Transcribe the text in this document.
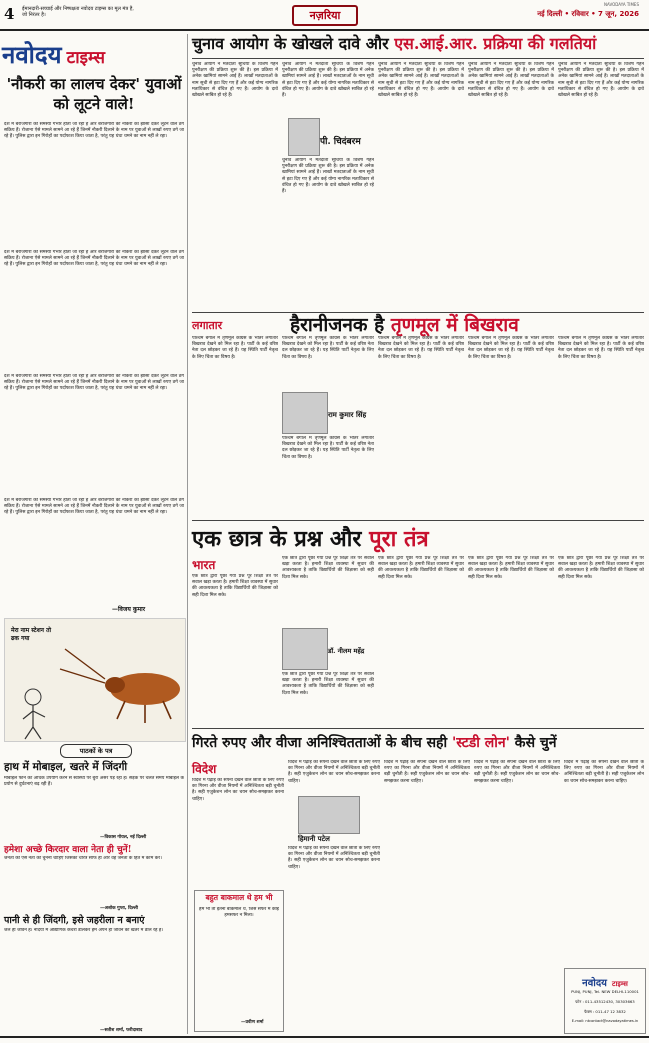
4 ईमानदारी-सच्चाई और निष्पक्षता नवोदय टाइम्स का मूल मंत्र है, जो निरंतर है।	नज़रिया
NAVODAYA TIMES
नई दिल्ली • रविवार • 7 जून, 2026
नवोदय टाइम्स
'नौकरी का लालच देकर' युवाओं को लूटने वाले!
देश में बेरोजगारी की समस्या गंभीर होती जा रही है और बेरोजगारों को नौकरी का झांसा देकर लूटने वाले ठग सक्रिय हैं। रोजाना ऐसे मामले सामने आ रहे हैं जिनमें नौकरी दिलाने के नाम पर युवाओं से लाखों रुपए ठगे जा रहे हैं। पुलिस द्वारा इन गिरोहों का पर्दाफाश किया जाता है, परंतु यह धंधा थमने का नाम नहीं ले रहा।
देश में बेरोजगारी की समस्या गंभीर होती जा रही है और बेरोजगारों को नौकरी का झांसा देकर लूटने वाले ठग सक्रिय हैं। रोजाना ऐसे मामले सामने आ रहे हैं जिनमें नौकरी दिलाने के नाम पर युवाओं से लाखों रुपए ठगे जा रहे हैं। पुलिस द्वारा इन गिरोहों का पर्दाफाश किया जाता है, परंतु यह धंधा थमने का नाम नहीं ले रहा।
देश में बेरोजगारी की समस्या गंभीर होती जा रही है और बेरोजगारों को नौकरी का झांसा देकर लूटने वाले ठग सक्रिय हैं। रोजाना ऐसे मामले सामने आ रहे हैं जिनमें नौकरी दिलाने के नाम पर युवाओं से लाखों रुपए ठगे जा रहे हैं। पुलिस द्वारा इन गिरोहों का पर्दाफाश किया जाता है, परंतु यह धंधा थमने का नाम नहीं ले रहा।
देश में बेरोजगारी की समस्या गंभीर होती जा रही है और बेरोजगारों को नौकरी का झांसा देकर लूटने वाले ठग सक्रिय हैं। रोजाना ऐसे मामले सामने आ रहे हैं जिनमें नौकरी दिलाने के नाम पर युवाओं से लाखों रुपए ठगे जा रहे हैं। पुलिस द्वारा इन गिरोहों का पर्दाफाश किया जाता है, परंतु यह धंधा थमने का नाम नहीं ले रहा।
—विजय कुमार
मेरा नाम स्टेशन तो ढक गया
पाठकों के पत्र
हाथ में मोबाइल, खतरे में जिंदगी
मोबाइल फोन का अधिक उपयोग करने से स्वास्थ्य पर बुरा असर पड़ रहा है। सड़क पर चलते समय मोबाइल के प्रयोग से दुर्घटनाएं बढ़ रही हैं।
—विकास गोयल, नई दिल्ली
हमेशा अच्छे किरदार वाला नेता ही चुनें!
जनता को ऐसे नेता को चुनना चाहिए जिसका चरित्र साफ हो और वह जनता के हित में काम करे।
—अशोक गुप्ता, दिल्ली
पानी से ही जिंदगी, इसे जहरीला न बनाएं
जल ही जीवन है। नदियों में औद्योगिक कचरा डालकर हम अपने ही जीवन को खतरे में डाल रहे हैं।
—सतीश शर्मा, फरीदाबाद
चुनाव आयोग के खोखले दावे और एस.आई.आर. प्रक्रिया की गलतियां
चुनाव आयोग ने मतदाता सूचियों के विशेष गहन पुनरीक्षण की प्रक्रिया शुरू की है। इस प्रक्रिया में अनेक खामियां सामने आई हैं। लाखों मतदाताओं के नाम सूची से हटा दिए गए हैं और कई योग्य नागरिक मताधिकार से वंचित हो गए हैं। आयोग के दावे खोखले साबित हो रहे हैं।
चुनाव आयोग ने मतदाता सूचियों के विशेष गहन पुनरीक्षण की प्रक्रिया शुरू की है। इस प्रक्रिया में अनेक खामियां सामने आई हैं। लाखों मतदाताओं के नाम सूची से हटा दिए गए हैं और कई योग्य नागरिक मताधिकार से वंचित हो गए हैं। आयोग के दावे खोखले साबित हो रहे हैं।
पी. चिदंबरम
चुनाव आयोग ने मतदाता सूचियों के विशेष गहन पुनरीक्षण की प्रक्रिया शुरू की है। इस प्रक्रिया में अनेक खामियां सामने आई हैं। लाखों मतदाताओं के नाम सूची से हटा दिए गए हैं और कई योग्य नागरिक मताधिकार से वंचित हो गए हैं। आयोग के दावे खोखले साबित हो रहे हैं।
चुनाव आयोग ने मतदाता सूचियों के विशेष गहन पुनरीक्षण की प्रक्रिया शुरू की है। इस प्रक्रिया में अनेक खामियां सामने आई हैं। लाखों मतदाताओं के नाम सूची से हटा दिए गए हैं और कई योग्य नागरिक मताधिकार से वंचित हो गए हैं। आयोग के दावे खोखले साबित हो रहे हैं।
चुनाव आयोग ने मतदाता सूचियों के विशेष गहन पुनरीक्षण की प्रक्रिया शुरू की है। इस प्रक्रिया में अनेक खामियां सामने आई हैं। लाखों मतदाताओं के नाम सूची से हटा दिए गए हैं और कई योग्य नागरिक मताधिकार से वंचित हो गए हैं। आयोग के दावे खोखले साबित हो रहे हैं।
चुनाव आयोग ने मतदाता सूचियों के विशेष गहन पुनरीक्षण की प्रक्रिया शुरू की है। इस प्रक्रिया में अनेक खामियां सामने आई हैं। लाखों मतदाताओं के नाम सूची से हटा दिए गए हैं और कई योग्य नागरिक मताधिकार से वंचित हो गए हैं। आयोग के दावे खोखले साबित हो रहे हैं।
लगातार	हैरानीजनक है तृणमूल में बिखराव
पश्चिम बंगाल में तृणमूल कांग्रेस के भीतर लगातार बिखराव देखने को मिल रहा है। पार्टी के कई वरिष्ठ नेता दल छोड़कर जा रहे हैं। यह स्थिति पार्टी नेतृत्व के लिए चिंता का विषय है।
पश्चिम बंगाल में तृणमूल कांग्रेस के भीतर लगातार बिखराव देखने को मिल रहा है। पार्टी के कई वरिष्ठ नेता दल छोड़कर जा रहे हैं। यह स्थिति पार्टी नेतृत्व के लिए चिंता का विषय है।
राम कुमार सिंह
पश्चिम बंगाल में तृणमूल कांग्रेस के भीतर लगातार बिखराव देखने को मिल रहा है। पार्टी के कई वरिष्ठ नेता दल छोड़कर जा रहे हैं। यह स्थिति पार्टी नेतृत्व के लिए चिंता का विषय है।
पश्चिम बंगाल में तृणमूल कांग्रेस के भीतर लगातार बिखराव देखने को मिल रहा है। पार्टी के कई वरिष्ठ नेता दल छोड़कर जा रहे हैं। यह स्थिति पार्टी नेतृत्व के लिए चिंता का विषय है।
पश्चिम बंगाल में तृणमूल कांग्रेस के भीतर लगातार बिखराव देखने को मिल रहा है। पार्टी के कई वरिष्ठ नेता दल छोड़कर जा रहे हैं। यह स्थिति पार्टी नेतृत्व के लिए चिंता का विषय है।
पश्चिम बंगाल में तृणमूल कांग्रेस के भीतर लगातार बिखराव देखने को मिल रहा है। पार्टी के कई वरिष्ठ नेता दल छोड़कर जा रहे हैं। यह स्थिति पार्टी नेतृत्व के लिए चिंता का विषय है।
एक छात्र के प्रश्न और पूरा तंत्र
भारत
एक छात्र द्वारा पूछा गया प्रश्न पूरे शिक्षा तंत्र पर सवाल खड़ा करता है। हमारी शिक्षा व्यवस्था में सुधार की आवश्यकता है ताकि विद्यार्थियों की जिज्ञासा को सही दिशा मिल सके।
एक छात्र द्वारा पूछा गया प्रश्न पूरे शिक्षा तंत्र पर सवाल खड़ा करता है। हमारी शिक्षा व्यवस्था में सुधार की आवश्यकता है ताकि विद्यार्थियों की जिज्ञासा को सही दिशा मिल सके।
डॉ. नीलम महेंद्र
एक छात्र द्वारा पूछा गया प्रश्न पूरे शिक्षा तंत्र पर सवाल खड़ा करता है। हमारी शिक्षा व्यवस्था में सुधार की आवश्यकता है ताकि विद्यार्थियों की जिज्ञासा को सही दिशा मिल सके।
एक छात्र द्वारा पूछा गया प्रश्न पूरे शिक्षा तंत्र पर सवाल खड़ा करता है। हमारी शिक्षा व्यवस्था में सुधार की आवश्यकता है ताकि विद्यार्थियों की जिज्ञासा को सही दिशा मिल सके।
एक छात्र द्वारा पूछा गया प्रश्न पूरे शिक्षा तंत्र पर सवाल खड़ा करता है। हमारी शिक्षा व्यवस्था में सुधार की आवश्यकता है ताकि विद्यार्थियों की जिज्ञासा को सही दिशा मिल सके।
एक छात्र द्वारा पूछा गया प्रश्न पूरे शिक्षा तंत्र पर सवाल खड़ा करता है। हमारी शिक्षा व्यवस्था में सुधार की आवश्यकता है ताकि विद्यार्थियों की जिज्ञासा को सही दिशा मिल सके।
गिरते रुपए और वीजा अनिश्चितताओं के बीच सही 'स्टडी लोन' कैसे चुनें
विदेश
विदेश में पढ़ाई का सपना देखने वाले छात्रों के लिए रुपए का गिरना और वीजा नियमों में अनिश्चितता बड़ी चुनौती है। सही एजुकेशन लोन का चयन सोच-समझकर करना चाहिए।
बहुत बाकमाल थे हम भी
हम भी तो इतना बाकमाल थे, जिसे सफर में कोई हमसफर न मिला।
—प्रवीण शर्मा
विदेश में पढ़ाई का सपना देखने वाले छात्रों के लिए रुपए का गिरना और वीजा नियमों में अनिश्चितता बड़ी चुनौती है। सही एजुकेशन लोन का चयन सोच-समझकर करना चाहिए।
हिमानी पटेल
विदेश में पढ़ाई का सपना देखने वाले छात्रों के लिए रुपए का गिरना और वीजा नियमों में अनिश्चितता बड़ी चुनौती है। सही एजुकेशन लोन का चयन सोच-समझकर करना चाहिए।
विदेश में पढ़ाई का सपना देखने वाले छात्रों के लिए रुपए का गिरना और वीजा नियमों में अनिश्चितता बड़ी चुनौती है। सही एजुकेशन लोन का चयन सोच-समझकर करना चाहिए।
विदेश में पढ़ाई का सपना देखने वाले छात्रों के लिए रुपए का गिरना और वीजा नियमों में अनिश्चितता बड़ी चुनौती है। सही एजुकेशन लोन का चयन सोच-समझकर करना चाहिए।
विदेश में पढ़ाई का सपना देखने वाले छात्रों के लिए रुपए का गिरना और वीजा नियमों में अनिश्चितता बड़ी चुनौती है। सही एजुकेशन लोन का चयन सोच-समझकर करना चाहिए।
नवोदय टाइम्स
PUNJ, PUNJ, Tel. NEW DELHI-110001
फोन : 011-43512430, 30303663
फैक्स : 011-47 12 3832
E-mail: ntcontact@navodayatimes.in
